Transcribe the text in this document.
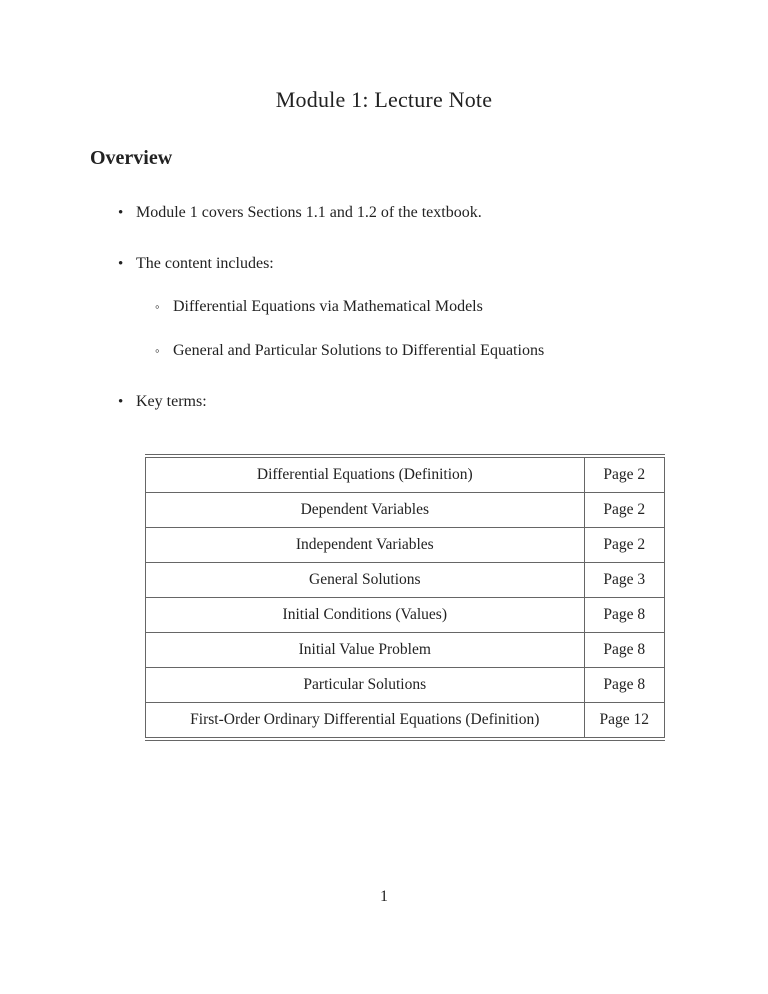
Module 1: Lecture Note
Overview
• Module 1 covers Sections 1.1 and 1.2 of the textbook.
• The content includes:
◦ Differential Equations via Mathematical Models
◦ General and Particular Solutions to Differential Equations
• Key terms:
Differential Equations (Definition)	Page 2
Dependent Variables	Page 2
Independent Variables	Page 2
General Solutions	Page 3
Initial Conditions (Values)	Page 8
Initial Value Problem	Page 8
Particular Solutions	Page 8
First-Order Ordinary Differential Equations (Definition)	Page 12
1
